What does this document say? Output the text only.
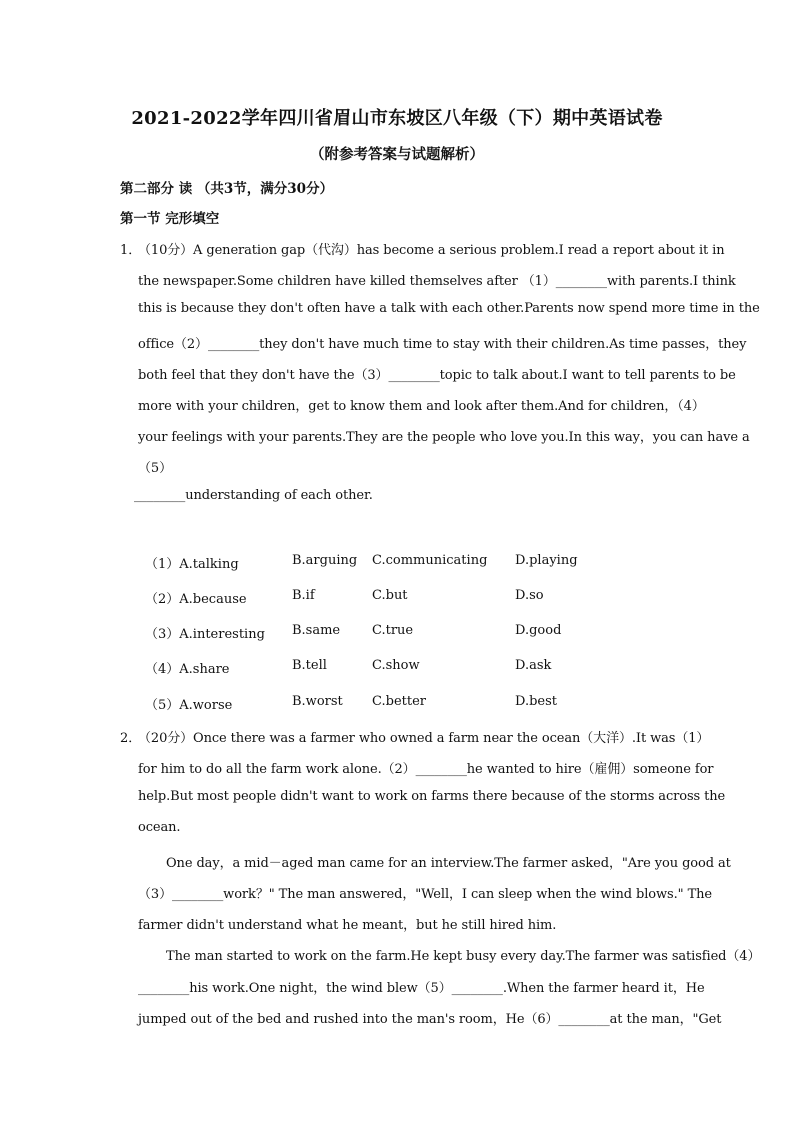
2021-2022学年四川省眉山市东坡区八年级（下）期中英语试卷
（附参考答案与试题解析）
第二部分 读 （共3节，满分30分）
第一节 完形填空
1．
（10分）A generation gap（代沟）has become a serious problem.I read a report about it in
the newspaper.Some children have killed themselves after （1）________with parents.I think
this is because they don't often have a talk with each other.Parents now spend more time in the
office（2）________they don't have much time to stay with their children.As time passes，they
both feel that they don't have the（3）________topic to talk about.I want to tell parents to be
more with your children，get to know them and look after them.And for children，（4）
your feelings with your parents.They are the people who love you.In this way，you can have a
（5）
________understanding of each other.
（1）A.talking	B.arguing C.communicating D.playing
（2）A.because	B.if	C.but	D.so
（3）A.interesting B.same C.true	D.good
（4）A.share	B.tell	C.show	D.ask
（5）A.worse	B.worst C.better	D.best
2．
（20分）Once there was a farmer who owned a farm near the ocean（大洋）.It was（1）
for him to do all the farm work alone.（2）________he wanted to hire（雇佣）someone for
help.But most people didn't want to work on farms there because of the storms across the
ocean.
One day，a mid－aged man came for an interview.The farmer asked，"Are you good at
（3）________work？" The man answered，"Well，I can sleep when the wind blows." The
farmer didn't understand what he meant，but he still hired him.
The man started to work on the farm.He kept busy every day.The farmer was satisfied（4）
________his work.One night，the wind blew（5）________.When the farmer heard it，He
jumped out of the bed and rushed into the man's room，He（6）________at the man，"Get
